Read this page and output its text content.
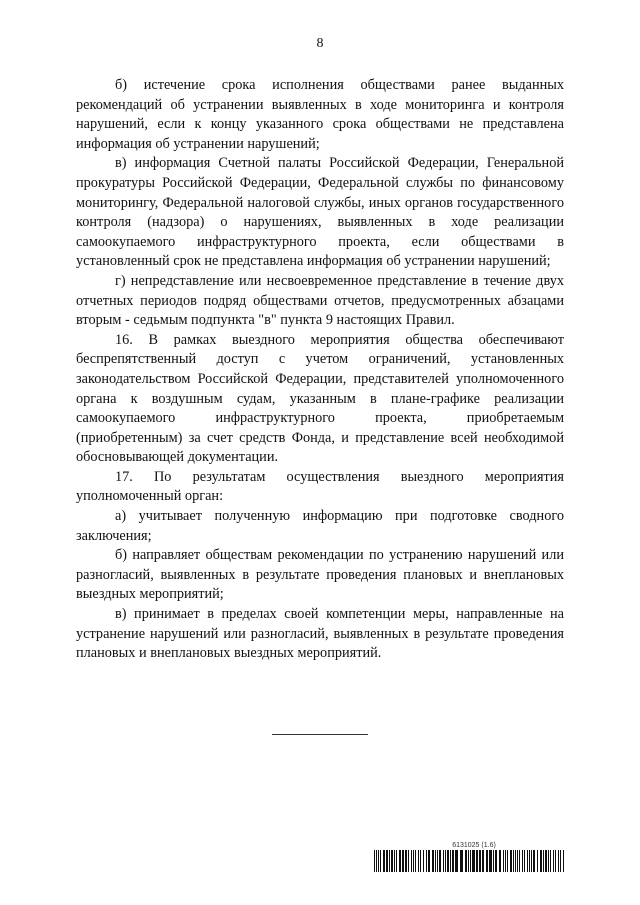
8

б) истечение срока исполнения обществами ранее выданных рекомендаций об устранении выявленных в ходе мониторинга и контроля нарушений, если к концу указанного срока обществами не представлена информация об устранении нарушений;

в) информация Счетной палаты Российской Федерации, Генеральной прокуратуры Российской Федерации, Федеральной службы по финансовому мониторингу, Федеральной налоговой службы, иных органов государственного контроля (надзора) о нарушениях, выявленных в ходе реализации самоокупаемого инфраструктурного проекта, если обществами в установленный срок не представлена информация об устранении нарушений;

г) непредставление или несвоевременное представление в течение двух отчетных периодов подряд обществами отчетов, предусмотренных абзацами вторым - седьмым подпункта "в" пункта 9 настоящих Правил.

16. В рамках выездного мероприятия общества обеспечивают беспрепятственный доступ с учетом ограничений, установленных законодательством Российской Федерации, представителей уполномоченного органа к воздушным судам, указанным в плане-графике реализации самоокупаемого инфраструктурного проекта, приобретаемым (приобретенным) за счет средств Фонда, и представление всей необходимой обосновывающей документации.

17. По результатам осуществления выездного мероприятия уполномоченный орган:

а) учитывает полученную информацию при подготовке сводного заключения;

б) направляет обществам рекомендации по устранению нарушений или разногласий, выявленных в результате проведения плановых и внеплановых выездных мероприятий;

в) принимает в пределах своей компетенции меры, направленные на устранение нарушений или разногласий, выявленных в результате проведения плановых и внеплановых выездных мероприятий.

6131025 (1.6)
